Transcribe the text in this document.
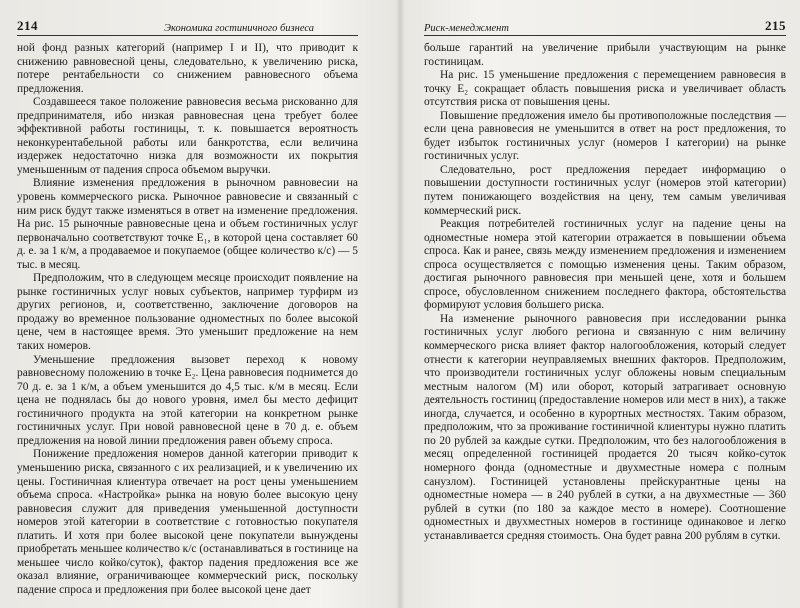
214	Экономика гостиничного бизнеса

ной фонд разных категорий (например I и II), что приводит к снижению равновесной цены, следовательно, к увеличению риска, потере рентабельности со снижением равновесного объема предложения.

Создавшееся такое положение равновесия весьма рискованно для предпринимателя, ибо низкая равновесная цена требует более эффективной работы гостиницы, т. к. повышается вероятность неконкурентабельной работы или банкротства, если величина издержек недостаточно низка для возможности их покрытия уменьшенным от падения спроса объемом выручки.

Влияние изменения предложения в рыночном равновесии на уровень коммерческого риска. Рыночное равновесие и связанный с ним риск будут также изменяться в ответ на изменение предложения. На рис. 15 рыночные равновесные цена и объем гостиничных услуг первоначально соответствуют точке E₁, в которой цена составляет 60 д. е. за 1 к/м, а продаваемое и покупаемое (общее количество к/с) — 5 тыс. в месяц.

Предположим, что в следующем месяце происходит появление на рынке гостиничных услуг новых субъектов, например турфирм из других регионов, и, соответственно, заключение договоров на продажу во временное пользование одноместных по более высокой цене, чем в настоящее время. Это уменьшит предложение на нем таких номеров.

Уменьшение предложения вызовет переход к новому равновесному положению в точке E₂. Цена равновесия поднимется до 70 д. е. за 1 к/м, а объем уменьшится до 4,5 тыс. к/м в месяц. Если цена не поднялась бы до нового уровня, имел бы место дефицит гостиничного продукта на этой категории на конкретном рынке гостиничных услуг. При новой равновесной цене в 70 д. е. объем предложения на новой линии предложения равен объему спроса.

Понижение предложения номеров данной категории приводит к уменьшению риска, связанного с их реализацией, и к увеличению их цены. Гостиничная клиентура отвечает на рост цены уменьшением объема спроса. «Настройка» рынка на новую более высокую цену равновесия служит для приведения уменьшенной доступности номеров этой категории в соответствие с готовностью покупателя платить. И хотя при более высокой цене покупатели вынуждены приобретать меньшее количество к/с (останавливаться в гостинице на меньшее число койко/суток), фактор падения предложения все же оказал влияние, ограничивающее коммерческий риск, поскольку падение спроса и предложения при более высокой цене дает

Риск-менеджмент	215

больше гарантий на увеличение прибыли участвующим на рынке гостиницам.

На рис. 15 уменьшение предложения с перемещением равновесия в точку E₂ сокращает область повышения риска и увеличивает область отсутствия риска от повышения цены.

Повышение предложения имело бы противоположные последствия — если цена равновесия не уменьшится в ответ на рост предложения, то будет избыток гостиничных услуг (номеров I категории) на рынке гостиничных услуг.

Следовательно, рост предложения передает информацию о повышении доступности гостиничных услуг (номеров этой категории) путем понижающего воздействия на цену, тем самым увеличивая коммерческий риск.

Реакция потребителей гостиничных услуг на падение цены на одноместные номера этой категории отражается в повышении объема спроса. Как и ранее, связь между изменением предложения и изменением спроса осуществляется с помощью изменения цены. Таким образом, достигая рыночного равновесия при меньшей цене, хотя и большем спросе, обусловленном снижением последнего фактора, обстоятельства формируют условия большего риска.

На изменение рыночного равновесия при исследовании рынка гостиничных услуг любого региона и связанную с ним величину коммерческого риска влияет фактор налогообложения, который следует отнести к категории неуправляемых внешних факторов. Предположим, что производители гостиничных услуг обложены новым специальным местным налогом (М) или оборот, который затрагивает основную деятельность гостиниц (предоставление номеров или мест в них), а также иногда, случается, и особенно в курортных местностях. Таким образом, предположим, что за проживание гостиничной клиентуры нужно платить по 20 рублей за каждые сутки. Предположим, что без налогообложения в месяц определенной гостиницей продается 20 тысяч койко-суток номерного фонда (одноместные и двухместные номера с полным санузлом). Гостиницей установлены прейскурантные цены на одноместные номера — в 240 рублей в сутки, а на двухместные — 360 рублей в сутки (по 180 за каждое место в номере). Соотношение одноместных и двухместных номеров в гостинице одинаковое и легко устанавливается средняя стоимость. Она будет равна 200 рублям в сутки.
